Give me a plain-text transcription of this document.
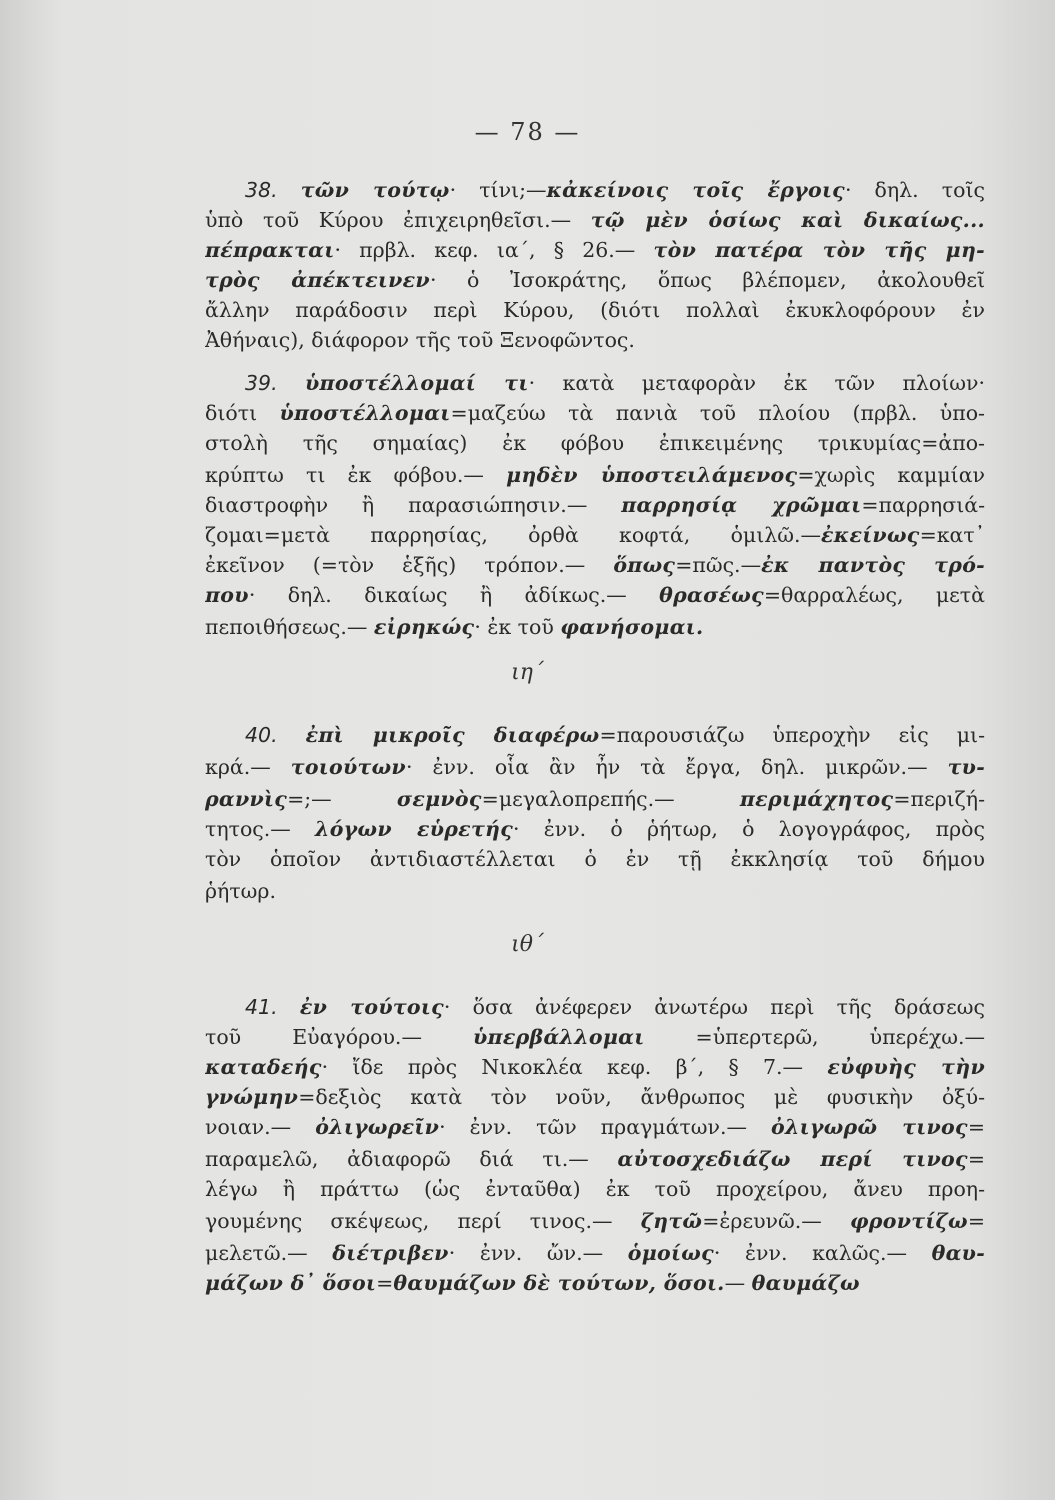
— 78 —
38. τῶν τούτῳ· τίνι;—κἀκείνοις τοῖς ἔργοις· δηλ. τοῖς
ὑπὸ τοῦ Κύρου ἐπιχειρηθεῖσι.— τῷ μὲν ὁσίως καὶ δικαίως...
πέπρακται· πρβλ. κεφ. ια΄, § 26.— τὸν πατέρα τὸν τῆς μη-
τρὸς ἀπέκτεινεν· ὁ Ἰσοκράτης, ὅπως βλέπομεν, ἀκολουθεῖ
ἄλλην παράδοσιν περὶ Κύρου, (διότι πολλαὶ ἐκυκλοφόρουν ἐν
Ἀθήναις), διάφορον τῆς τοῦ Ξενοφῶντος.
39. ὑποστέλλομαί τι· κατὰ μεταφορὰν ἐκ τῶν πλοίων·
διότι ὑποστέλλομαι=μαζεύω τὰ πανιὰ τοῦ πλοίου (πρβλ. ὑπο-
στολὴ τῆς σημαίας) ἐκ φόβου ἐπικειμένης τρικυμίας=ἀπο-
κρύπτω τι ἐκ φόβου.— μηδὲν ὑποστειλάμενος=χωρὶς καμμίαν
διαστροφὴν ἢ παρασιώπησιν.— παρρησίᾳ χρῶμαι=παρρησιά-
ζομαι=μετὰ παρρησίας, ὀρθὰ κοφτά, ὁμιλῶ.—ἐκείνως=κατ᾽
ἐκεῖνον (=τὸν ἑξῆς) τρόπον.— ὅπως=πῶς.—ἐκ παντὸς τρό-
που· δηλ. δικαίως ἢ ἀδίκως.— θρασέως=θαρραλέως, μετὰ
πεποιθήσεως.— εἰρηκώς· ἐκ τοῦ φανήσομαι.
ιη΄
40. ἐπὶ μικροῖς διαφέρω=παρουσιάζω ὑπεροχὴν εἰς μι-
κρά.— τοιούτων· ἐνν. οἷα ἂν ἦν τὰ ἔργα, δηλ. μικρῶν.— τυ-
ραννὶς=;— σεμνὸς=μεγαλοπρεπής.— περιμάχητος=περιζή-
τητος.— λόγων εὑρετής· ἐνν. ὁ ῥήτωρ, ὁ λογογράφος, πρὸς
τὸν ὁποῖον ἀντιδιαστέλλεται ὁ ἐν τῇ ἐκκλησίᾳ τοῦ δήμου
ῥήτωρ.
ιθ΄
41. ἐν τούτοις· ὅσα ἀνέφερεν ἀνωτέρω περὶ τῆς δράσεως
τοῦ Εὐαγόρου.— ὑπερβάλλομαι =ὑπερτερῶ, ὑπερέχω.—
καταδεής· ἴδε πρὸς Νικοκλέα κεφ. β΄, § 7.— εὐφυὴς τὴν
γνώμην=δεξιὸς κατὰ τὸν νοῦν, ἄνθρωπος μὲ φυσικὴν ὀξύ-
νοιαν.— ὀλιγωρεῖν· ἐνν. τῶν πραγμάτων.— ὀλιγωρῶ τινος=
παραμελῶ, ἀδιαφορῶ διά τι.— αὐτοσχεδιάζω περί τινος=
λέγω ἢ πράττω (ὡς ἐνταῦθα) ἐκ τοῦ προχείρου, ἄνευ προη-
γουμένης σκέψεως, περί τινος.— ζητῶ=ἐρευνῶ.— φροντίζω=
μελετῶ.— διέτριβεν· ἐνν. ὤν.— ὁμοίως· ἐνν. καλῶς.— θαυ-
μάζων δ᾽ ὅσοι=θαυμάζων δὲ τούτων, ὅσοι.— θαυμάζω
